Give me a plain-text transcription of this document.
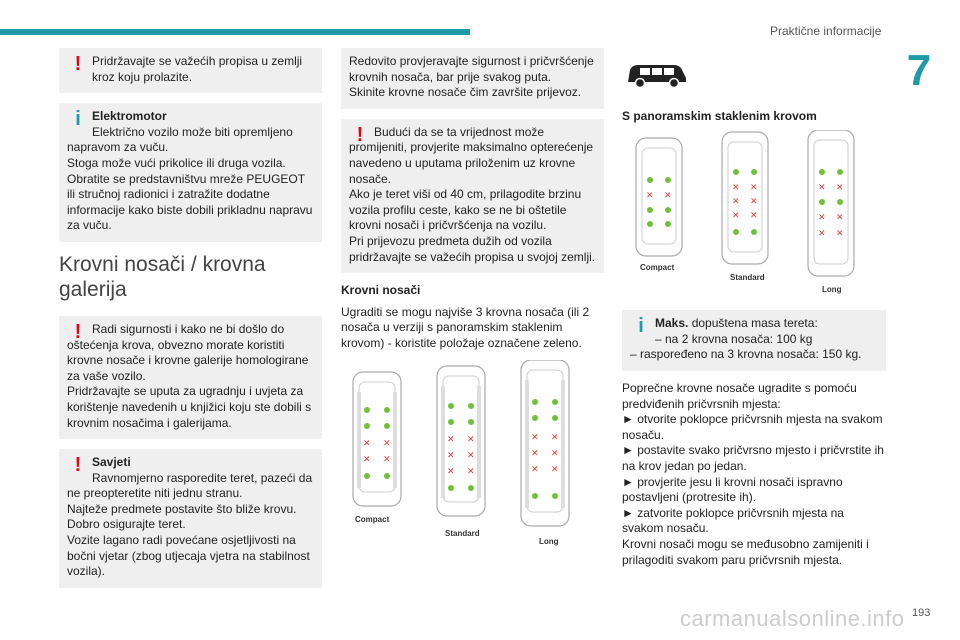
Praktične informacije
7
! Pridržavajte se važećih propisa u zemlji kroz koju prolazite.

i Elektromotor

Električno vozilo može biti opremljeno napravom za vuču.

Stoga može vući prikolice ili druga vozila.

Obratite se predstavništvu mreže PEUGEOT ili stručnoj radionici i zatražite dodatne informacije kako biste dobili prikladnu napravu za vuču.

Krovni nosači / krovna galerija
! Radi sigurnosti i kako ne bi došlo do oštećenja krova, obvezno morate koristiti krovne nosače i krovne galerije homologirane za vaše vozilo.

Pridržavajte se uputa za ugradnju i uvjeta za korištenje navedenih u knjižici koju ste dobili s krovnim nosačima i galerijama.

! Savjeti

Ravnomjerno rasporedite teret, pazeći da ne preopteretite niti jednu stranu.

Najteže predmete postavite što bliže krovu.

Dobro osigurajte teret.

Vozite lagano radi povećane osjetljivosti na bočni vjetar (zbog utjecaja vjetra na stabilnost vozila).

Redovito provjeravajte sigurnost i pričvršćenje krovnih nosača, bar prije svakog puta.

Skinite krovne nosače čim završite prijevoz.

! Budući da se ta vrijednost može promijeniti, provjerite maksimalno opterećenje navedeno u uputama priloženim uz krovne nosače.

Ako je teret viši od 40 cm, prilagodite brzinu vozila profilu ceste, kako se ne bi oštetile krovni nosači i pričvršćenja na vozilu.

Pri prijevozu predmeta dužih od vozila pridržavajte se važećih propisa u svojoj zemlji.

Krovni nosači

Ugraditi se mogu najviše 3 krovna nosača (ili 2 nosača u verziji s panoramskim staklenim krovom) - koristite položaje označene zeleno.

✕ ✕
✕ ✕
Compact
✕ ✕
✕ ✕
✕ ✕
Standard
✕ ✕
✕ ✕
✕ ✕
Long

S panoramskim staklenim krovom

✕ ✕
Compact
✕ ✕
✕ ✕
✕ ✕
Standard
✕ ✕
✕ ✕
✕ ✕
Long
i Maks. dopuštena masa tereta:

– na 2 krovna nosača: 100 kg

– raspoređeno na 3 krovna nosača: 150 kg.

Poprečne krovne nosače ugradite s pomoću predviđenih pričvrsnih mjesta:

► otvorite poklopce pričvrsnih mjesta na svakom nosaču.

► postavite svako pričvrsno mjesto i pričvrstite ih na krov jedan po jedan.

► provjerite jesu li krovni nosači ispravno postavljeni (protresite ih).

► zatvorite poklopce pričvrsnih mjesta na svakom nosaču.

Krovni nosači mogu se međusobno zamijeniti i prilagoditi svakom paru pričvrsnih mjesta.

carmanualsonline.info 193
